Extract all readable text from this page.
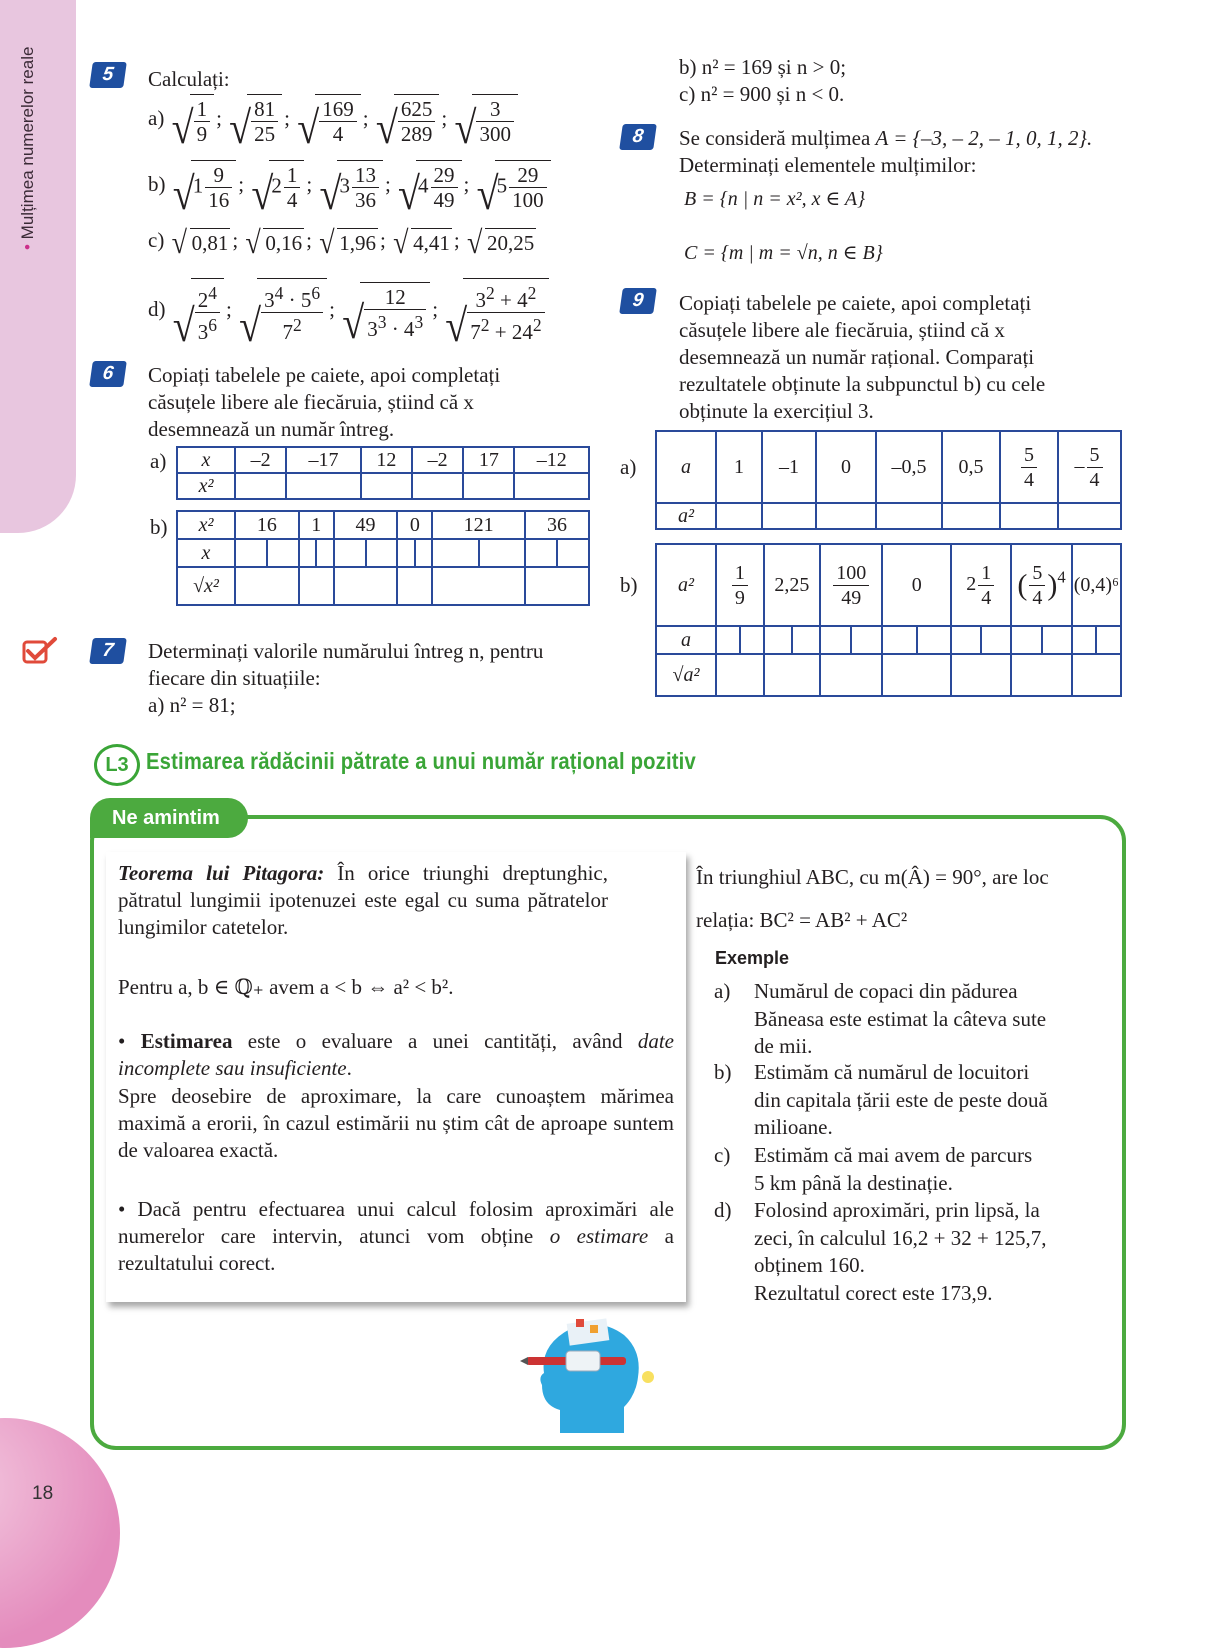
• Mulțimea numerelor reale
18
5	Calculați:
a) √ $\frac{1}{9}$ ; √ $\frac{81}{25}$ ; √ $\frac{169}{4}$ ; √ $\frac{625}{289}$ ; √ $\frac{3}{300}$
b) √
$1 \frac{9}{16}$ ; √
$2 \frac{1}{4}$ ; √
$3 \frac{13}{36}$ ; √
$4 \frac{29}{49}$ ; √
$5 \frac{29}{100}$
c) √ 0,81 ; √ 0,16 ; √ 1,96 ; √ 4,41 ; √ 20,25
d) √ $\frac{2^4}{3^6}$ ; √ $\frac{3^4 \cdot 5^6}{7^2}$ ; √ $\frac{12}{3^3 \cdot 4^3}$ ; √ $\frac{3^2 + 4^2}{7^2 + 24^2}$
6	Copiați tabelele pe caiete, apoi completați
căsuțele libere ale fiecăruia, știind că x
desemnează un număr întreg.
a) x	–2	–17	12	–2	17	–12
x²						
b) x²	16		1		49		0		121		36	
x												
√x²												
7	Determinați valorile numărului întreg n, pentru
fiecare din situațiile:
a) n² = 81;
b) n² = 169 și n > 0;
c) n² = 900 și n < 0.
8	Se consideră mulțimea A = {–3, – 2, – 1, 0, 1, 2}.
Determinați elementele mulțimilor:
B = {n | n = x², x ∈ A}
C = {m | m = √n, n ∈ B}
9	Copiați tabelele pe caiete, apoi completați
căsuțele libere ale fiecăruia, știind că x
desemnează un număr rațional. Comparați
rezultatele obținute la subpunctul b) cu cele
obținute la exercițiul 3.
a) a	1	–1	0	–0,5	0,5	$\frac{5}{4}$	– $\frac{5}{4}$

a²							
b) a²	$\frac{1}{9}$		2,25		$\frac{100}{49}$		0		$2 \frac{1}{4}$		( $\frac{5}{4} )^4$		(0,4)⁶	
a														
√a²														
L3 Estimarea rădăcinii pătrate a unui număr rațional pozitiv
Ne amintim
Teorema lui Pitagora: În orice triunghi dreptunghic, pătratul lungimii ipotenuzei este egal cu suma pătratelor lungimilor catetelor.
Pentru a, b ∈ ℚ₊ avem a < b ⇔ a² < b².
• Estimarea este o evaluare a unei cantități, având date incomplete sau insuficiente.
Spre deosebire de aproximare, la care cunoaștem mărimea maximă a erorii, în cazul estimării nu știm cât de aproape suntem de valoarea exactă.
• Dacă pentru efectuarea unui calcul folosim aproximări ale numerelor care intervin, atunci vom obține o estimare a rezultatului corect.
În triunghiul ABC, cu m(Â) = 90°, are loc
relația: BC² = AB² + AC²
Exemple
a) Numărul de copaci din pădurea
Băneasa este estimat la câteva sute
de mii.
b) Estimăm că numărul de locuitori
din capitala țării este de peste două
milioane.
c) Estimăm că mai avem de parcurs
5 km până la destinație.
d) Folosind aproximări, prin lipsă, la
zeci, în calculul 16,2 + 32 + 125,7,
obținem 160.
Rezultatul corect este 173,9.
